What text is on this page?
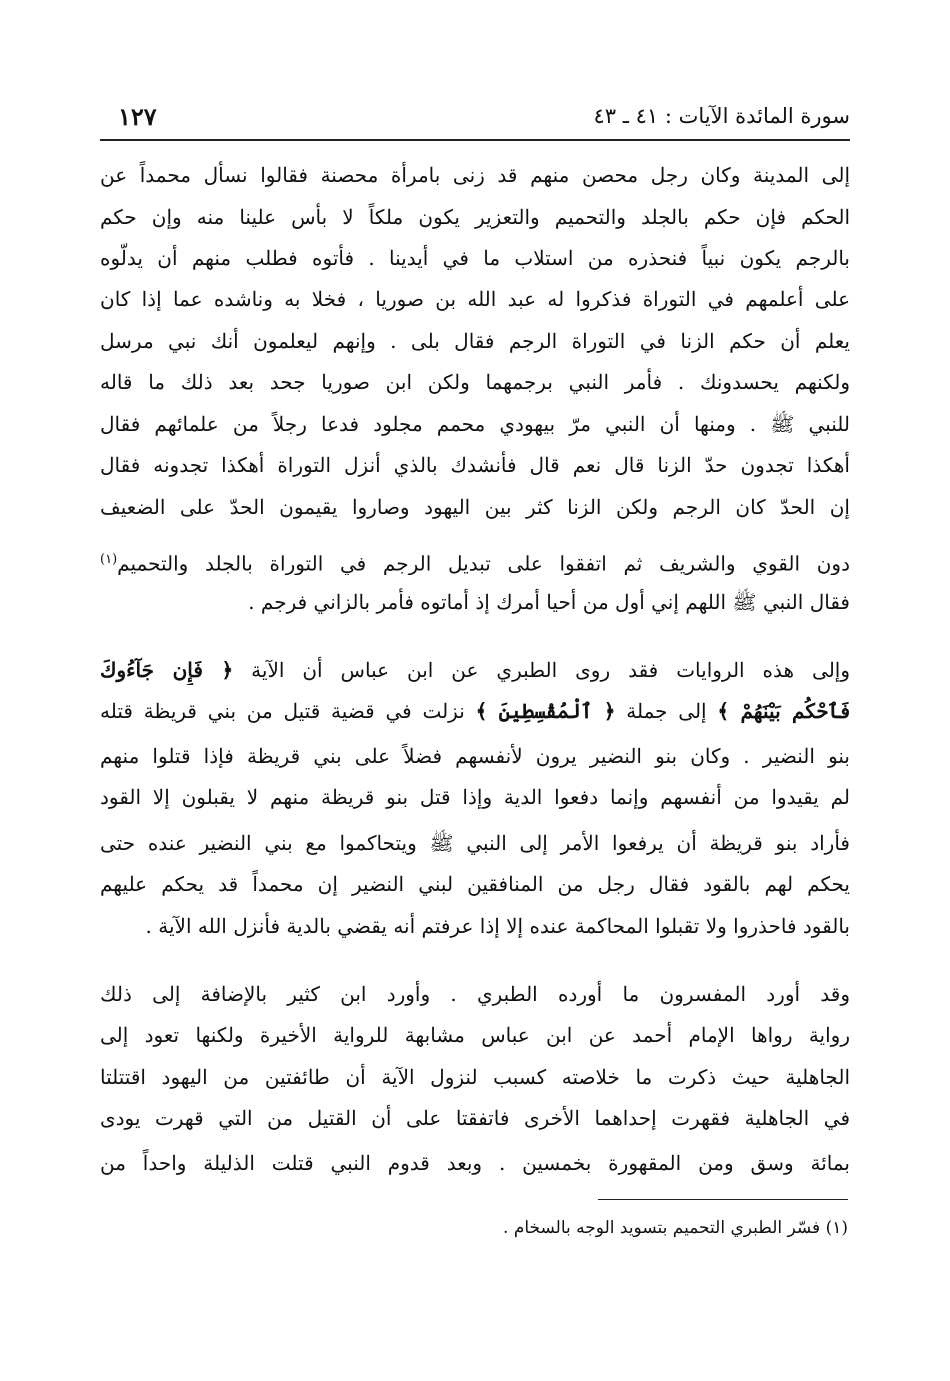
سورة المائدة الآيات : ٤١ ـ ٤٣
١٢٧
إلى المدينة وكان رجل محصن منهم قد زنى بامرأة محصنة فقالوا نسأل محمداً عن
الحكم فإن حكم بالجلد والتحميم والتعزير يكون ملكاً لا بأس علينا منه وإن حكم
بالرجم يكون نبياً فنحذره من استلاب ما في أيدينا . فأتوه فطلب منهم أن يدلّوه
على أعلمهم في التوراة فذكروا له عبد الله بن صوريا ، فخلا به وناشده عما إذا كان
يعلم أن حكم الزنا في التوراة الرجم فقال بلى . وإنهم ليعلمون أنك نبي مرسل
ولكنهم يحسدونك . فأمر النبي برجمهما ولكن ابن صوريا جحد بعد ذلك ما قاله
للنبي ﷺ . ومنها أن النبي مرّ بيهودي محمم مجلود فدعا رجلاً من علمائهم فقال
أهكذا تجدون حدّ الزنا قال نعم قال فأنشدك بالذي أنزل التوراة أهكذا تجدونه فقال
إن الحدّ كان الرجم ولكن الزنا كثر بين اليهود وصاروا يقيمون الحدّ على الضعيف
دون القوي والشريف ثم اتفقوا على تبديل الرجم في التوراة بالجلد والتحميم$^{(١)}$
فقال النبي ﷺ اللهم إني أول من أحيا أمرك إذ أماتوه فأمر بالزاني فرجم .
وإلى هذه الروايات فقد روى الطبري عن ابن عباس أن الآية ﴿ فَإِن جَآءُوكَ
فَٱحْكُم بَيْنَهُمْ ﴾ إلى جملة ﴿ ٱلْمُقْسِطِينَ ﴾ نزلت في قضية قتيل من بني قريظة قتله
بنو النضير . وكان بنو النضير يرون لأنفسهم فضلاً على بني قريظة فإذا قتلوا منهم
لم يقيدوا من أنفسهم وإنما دفعوا الدية وإذا قتل بنو قريظة منهم لا يقبلون إلا القود
فأراد بنو قريظة أن يرفعوا الأمر إلى النبي ﷺ ويتحاكموا مع بني النضير عنده حتى
يحكم لهم بالقود فقال رجل من المنافقين لبني النضير إن محمداً قد يحكم عليهم
بالقود فاحذروا ولا تقبلوا المحاكمة عنده إلا إذا عرفتم أنه يقضي بالدية فأنزل الله الآية .
وقد أورد المفسرون ما أورده الطبري . وأورد ابن كثير بالإضافة إلى ذلك
رواية رواها الإمام أحمد عن ابن عباس مشابهة للرواية الأخيرة ولكنها تعود إلى
الجاهلية حيث ذكرت ما خلاصته كسبب لنزول الآية أن طائفتين من اليهود اقتتلتا
في الجاهلية فقهرت إحداهما الأخرى فاتفقتا على أن القتيل من التي قهرت يودى
بمائة وسق ومن المقهورة بخمسين . وبعد قدوم النبي قتلت الذليلة واحداً من
(١) فسّر الطبري التحميم بتسويد الوجه بالسخام .
